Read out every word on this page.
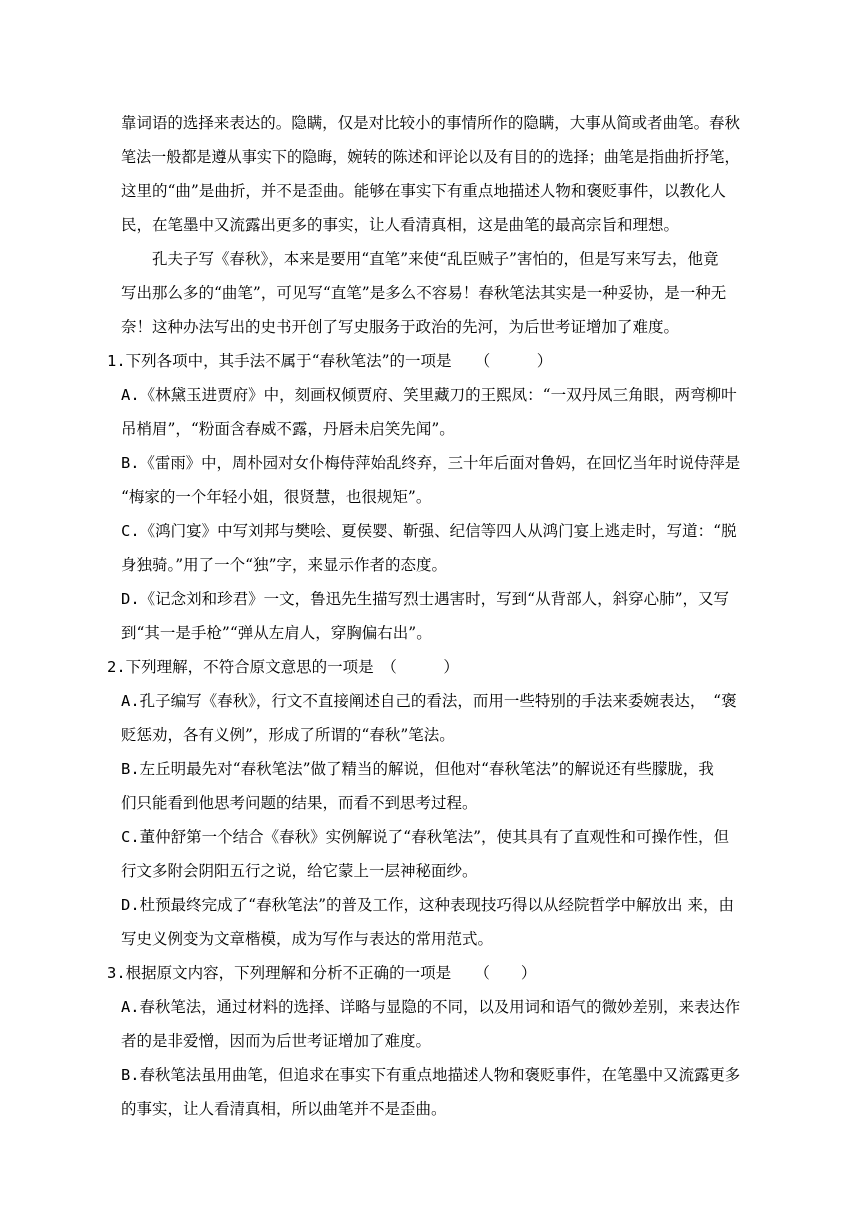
靠词语的选择来表达的。隐瞒，仅是对比较小的事情所作的隐瞒，大事从简或者曲笔。春秋
笔法一般都是遵从事实下的隐晦，婉转的陈述和评论以及有目的的选择；曲笔是指曲折抒笔，
这里的“曲”是曲折，并不是歪曲。能够在事实下有重点地描述人物和褒贬事件，以教化人
民，在笔墨中又流露出更多的事实，让人看清真相，这是曲笔的最高宗旨和理想。
孔夫子写《春秋》，本来是要用“直笔”来使“乱臣贼子”害怕的，但是写来写去，他竟
写出那么多的“曲笔”，可见写“直笔”是多么不容易！春秋笔法其实是一种妥协，是一种无
奈！这种办法写出的史书开创了写史服务于政治的先河，为后世考证增加了难度。
1.下列各项中，其手法不属于“春秋笔法”的一项是　　（　　　）
A.《林黛玉进贾府》中，刻画权倾贾府、笑里藏刀的王熙凤：“一双丹凤三角眼，两弯柳叶
吊梢眉”，“粉面含春威不露，丹唇未启笑先闻”。
B.《雷雨》中，周朴园对女仆梅侍萍始乱终弃，三十年后面对鲁妈，在回忆当年时说侍萍是
“梅家的一个年轻小姐，很贤慧，也很规矩”。
C.《鸿门宴》中写刘邦与樊哙、夏侯婴、靳强、纪信等四人从鸿门宴上逃走时，写道：“脱
身独骑。”用了一个“独”字，来显示作者的态度。
D.《记念刘和珍君》一文，鲁迅先生描写烈士遇害时，写到“从背部人，斜穿心肺”，又写
到“其一是手枪”“弹从左肩人，穿胸偏右出”。
2.下列理解，不符合原文意思的一项是　（　　　）
A.孔子编写《春秋》，行文不直接阐述自己的看法，而用一些特别的手法来委婉表达，　“褒
贬惩劝，各有义例”，形成了所谓的“春秋”笔法。
B.左丘明最先对“春秋笔法”做了精当的解说，但他对“春秋笔法”的解说还有些朦胧，我
们只能看到他思考问题的结果，而看不到思考过程。
C.董仲舒第一个结合《春秋》实例解说了“春秋笔法”，使其具有了直观性和可操作性，但
行文多附会阴阳五行之说，给它蒙上一层神秘面纱。
D.杜预最终完成了“春秋笔法”的普及工作，这种表现技巧得以从经院哲学中解放出 来，由
写史义例变为文章楷模，成为写作与表达的常用范式。
3.根据原文内容，下列理解和分析不正确的一项是　　（　　）
A.春秋笔法，通过材料的选择、详略与显隐的不同，以及用词和语气的微妙差别，来表达作
者的是非爱憎，因而为后世考证增加了难度。
B.春秋笔法虽用曲笔，但追求在事实下有重点地描述人物和褒贬事件，在笔墨中又流露更多
的事实，让人看清真相，所以曲笔并不是歪曲。
